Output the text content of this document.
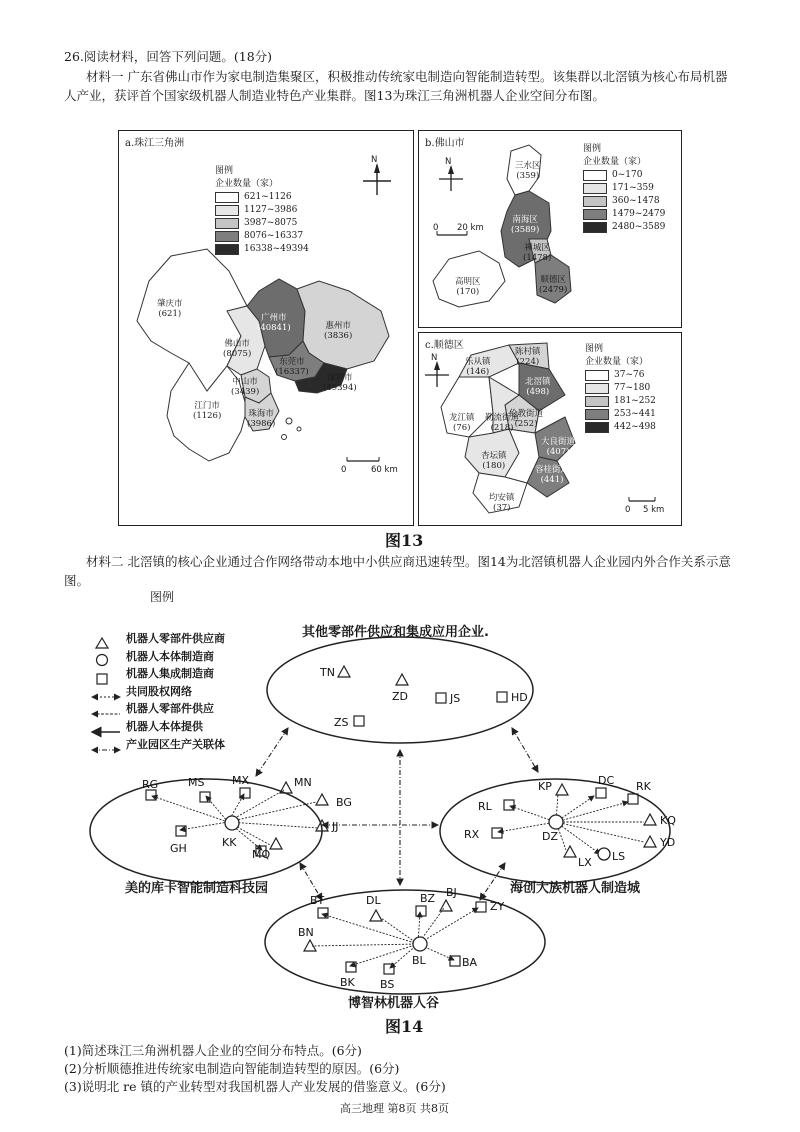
26.阅读材料，回答下列问题。(18分)
材料一 广东省佛山市作为家电制造集聚区，积极推动传统家电制造向智能制造转型。该集群以北滘镇为核心布局机器人产业，获评首个国家级机器人制造业特色产业集群。图13为珠江三角洲机器人企业空间分布图。
a.珠江三角洲
图例
企业数量（家）
621~1126
1127~3986
3987~8075
8076~16337
16338~49394
N
肇庆市
(621)	广州市
(40841)	惠州市
(3836)
佛山市
(8075)
东莞市
(16337)
中山市
(3439)
深圳市
(49394)
江门市
(1126)	珠海市
(3986)
0	60 km
b.佛山市	图例
企业数量（家）
0~170
171~359
360~1478
1479~2479
2480~3589
N	三水区
(359)
南海区
(3589)
禅城区
(1478)
高明区
(170)
顺德区
(2479)
0 20 km
c.顺德区	图例
企业数量（家）
37~76
77~180
181~252
253~441
442~498
N
陈村镇
(224)
乐从镇
(146)
北滘镇
(498)
伦教街道
(252)
龙江镇
(76)
勒流街道
(218)
大良街道
(407)
杏坛镇
(180)	容桂街道
(441)
均安镇
(37)	0 5 km
图13
材料二 北滘镇的核心企业通过合作网络带动本地中小供应商迅速转型。图14为北滘镇机器人企业园内外合作关系示意图。
图例
TN
ZD	JS	HD
ZS
RG	MS	MX	MN
BG
JJ
MQ
KK
GH
KP	DC RK
RL
KQ
RX	DZ	YD
LX LS
BT	DL	BZ BJ
ZY
BN
BL
BK BS
BA
机器人零部件供应商
机器人本体制造商
机器人集成制造商
共同股权网络
机器人零部件供应
机器人本体提供
产业园区生产关联体
其他零部件供应和集成应用企业.
美的库卡智能制造科技园	海创大族机器人制造城
博智林机器人谷
图14
(1)简述珠江三角洲机器人企业的空间分布特点。(6分)
(2)分析顺德推进传统家电制造向智能制造转型的原因。(6分)
(3)说明北 re 镇的产业转型对我国机器人产业发展的借鉴意义。(6分)
高三地理 第8页 共8页
